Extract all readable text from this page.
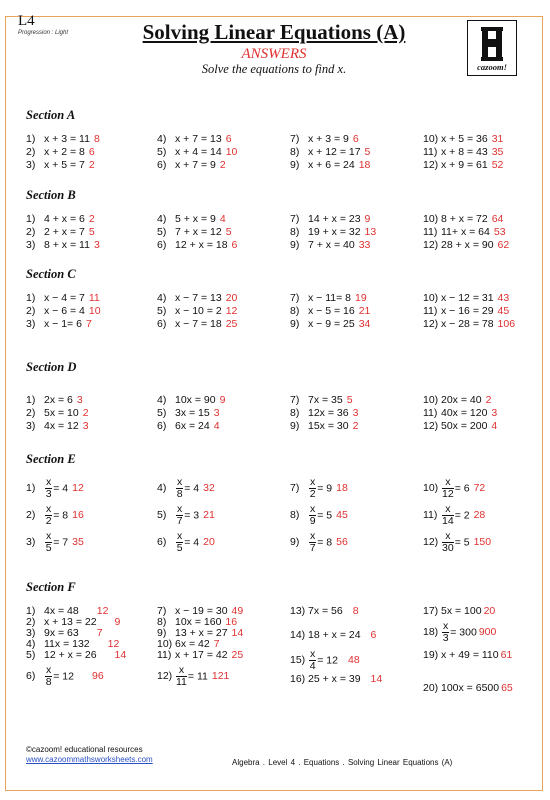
L4
Progression : Light	Solving Linear Equations (A)
ANSWERS
Solve the equations to find x.	cazoom!
Section A
1) x + 3 = 11 8
2) x + 2 = 8 6
3) x + 5 = 7 2
4) x + 7 = 13 6
5) x + 4 = 14 10
6) x + 7 = 9 2
7) x + 3 = 9 6
8) x + 12 = 17 5
9) x + 6 = 24 18
10) x + 5 = 36 31
11) x + 8 = 43 35
12) x + 9 = 61 52
Section B
1) 4 + x = 6 2
2) 2 + x = 7 5
3) 8 + x = 11 3
4) 5 + x = 9 4
5) 7 + x = 12 5
6) 12 + x = 18 6
7) 14 + x = 23 9
8) 19 + x = 32 13
9) 7 + x = 40 33
10) 8 + x = 72 64
11) 11+ x = 64 53
12) 28 + x = 90 62
Section C
1) x − 4 = 7 11
2) x − 6 = 4 10
3) x − 1= 6 7
4) x − 7 = 13 20
5) x − 10 = 2 12
6) x − 7 = 18 25
7) x − 11= 8 19
8) x − 5 = 16 21
9) x − 9 = 25 34
10) x − 12 = 31 43
11) x − 16 = 29 45
12) x − 28 = 78 106
Section D
1) 2x = 6 3
2) 5x = 10 2
3) 4x = 12 3
4) 10x = 90 9
5) 3x = 15 3
6) 6x = 24 4
7) 7x = 35 5
8) 12x = 36 3
9) 15x = 30 2
10) 20x = 40 2
11) 40x = 120 3
12) 50x = 200 4
Section E
$1) \frac{x}{3} = 4$ 12
$2) \frac{x}{2} = 8$ 16
$3) \frac{x}{5} = 7$ 35
$4) \frac{x}{8} = 4$ 32
$5) \frac{x}{7} = 3$ 21
$6) \frac{x}{5} = 4$ 20
$7) \frac{x}{2} = 9$ 18
$8) \frac{x}{9} = 5$ 45
$9) \frac{x}{7} = 8$ 56
$10) \frac{x}{12} = 6$ 72
$11) \frac{x}{14} = 2$ 28
$12) \frac{x}{30} = 5$ 150
Section F
1) 4x = 48 12
2) x + 13 = 22 9
3) 9x = 63 7
4) 11x = 132 12
5) 12 + x = 26 14
$6) \frac{x}{8} = 12$ 96
7) x − 19 = 30 49
8) 10x = 160 16
9) 13 + x = 27 14
10) 6x = 42 7
11) x + 17 = 42 25
$12) \frac{x}{11} = 11$ 121
13) 7x = 56 8
14) 18 + x = 24 6
$15) \frac{x}{4} = 12$ 48
16) 25 + x = 39 14
17) 5x = 100 20
$18) \frac{x}{3} = 300$ 900
19) x + 49 = 110 61
20) 100x = 6500 65
©cazoom! educational resources
www.cazoommathsworksheets.com	Algebra . Level 4 . Equations . Solving Linear Equations (A)
